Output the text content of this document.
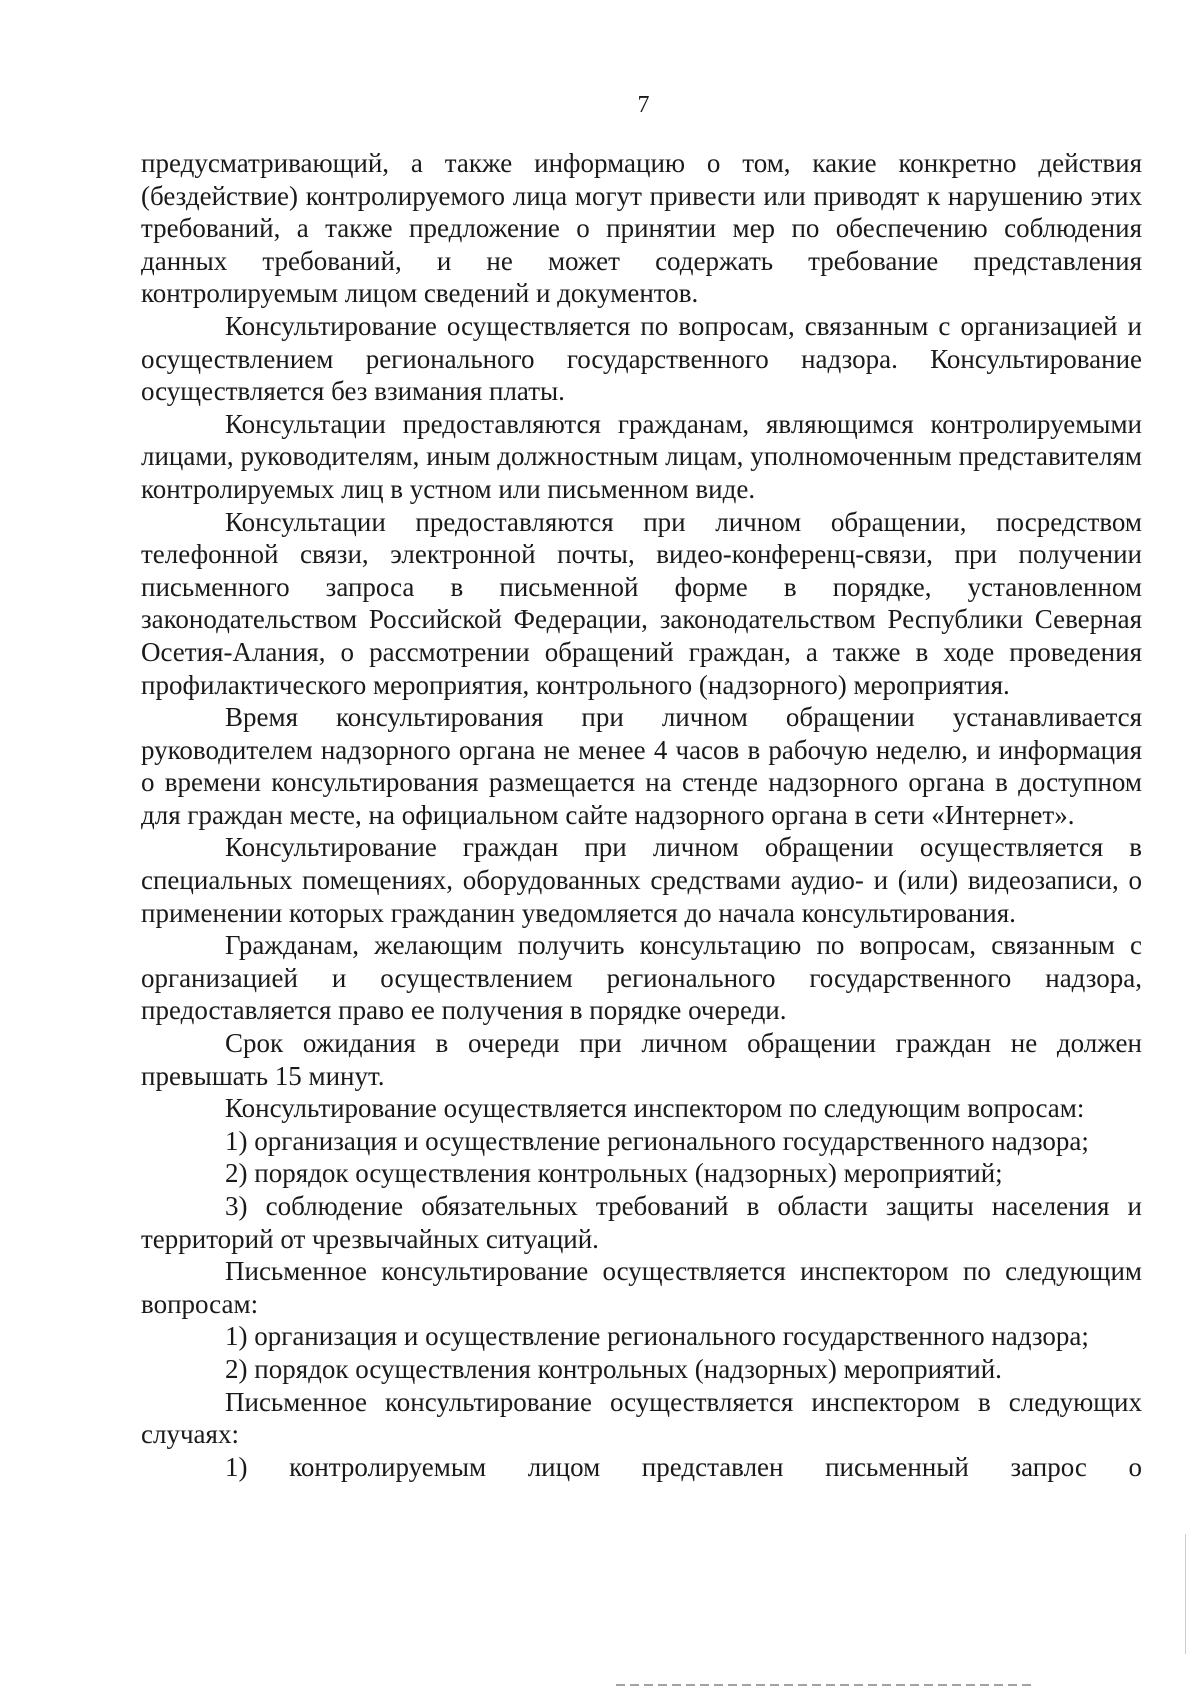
7

предусматривающий, а также информацию о том, какие конкретно действия (бездействие) контролируемого лица могут привести или приводят к нарушению этих требований, а также предложение о принятии мер по обеспечению соблюдения данных требований, и не может содержать требование представления контролируемым лицом сведений и документов.

Консультирование осуществляется по вопросам, связанным с организацией и осуществлением регионального государственного надзора. Консультирование осуществляется без взимания платы.

Консультации предоставляются гражданам, являющимся контролируемыми лицами, руководителям, иным должностным лицам, уполномоченным представителям контролируемых лиц в устном или письменном виде.

Консультации предоставляются при личном обращении, посредством телефонной связи, электронной почты, видео-конференц-связи, при получении письменного запроса в письменной форме в порядке, установленном законодательством Российской Федерации, законодательством Республики Северная Осетия-Алания, о рассмотрении обращений граждан, а также в ходе проведения профилактического мероприятия, контрольного (надзорного) мероприятия.

Время консультирования при личном обращении устанавливается руководителем надзорного органа не менее 4 часов в рабочую неделю, и информация о времени консультирования размещается на стенде надзорного органа в доступном для граждан месте, на официальном сайте надзорного органа в сети «Интернет».

Консультирование граждан при личном обращении осуществляется в специальных помещениях, оборудованных средствами аудио- и (или) видеозаписи, о применении которых гражданин уведомляется до начала консультирования.

Гражданам, желающим получить консультацию по вопросам, связанным с организацией и осуществлением регионального государственного надзора, предоставляется право ее получения в порядке очереди.

Срок ожидания в очереди при личном обращении граждан не должен превышать 15 минут.

Консультирование осуществляется инспектором по следующим вопросам:

1) организация и осуществление регионального государственного надзора;

2) порядок осуществления контрольных (надзорных) мероприятий;

3) соблюдение обязательных требований в области защиты населения и территорий от чрезвычайных ситуаций.

Письменное консультирование осуществляется инспектором по следующим вопросам:

1) организация и осуществление регионального государственного надзора;

2) порядок осуществления контрольных (надзорных) мероприятий.

Письменное консультирование осуществляется инспектором в следующих случаях:

1) контролируемым лицом представлен письменный запрос о
